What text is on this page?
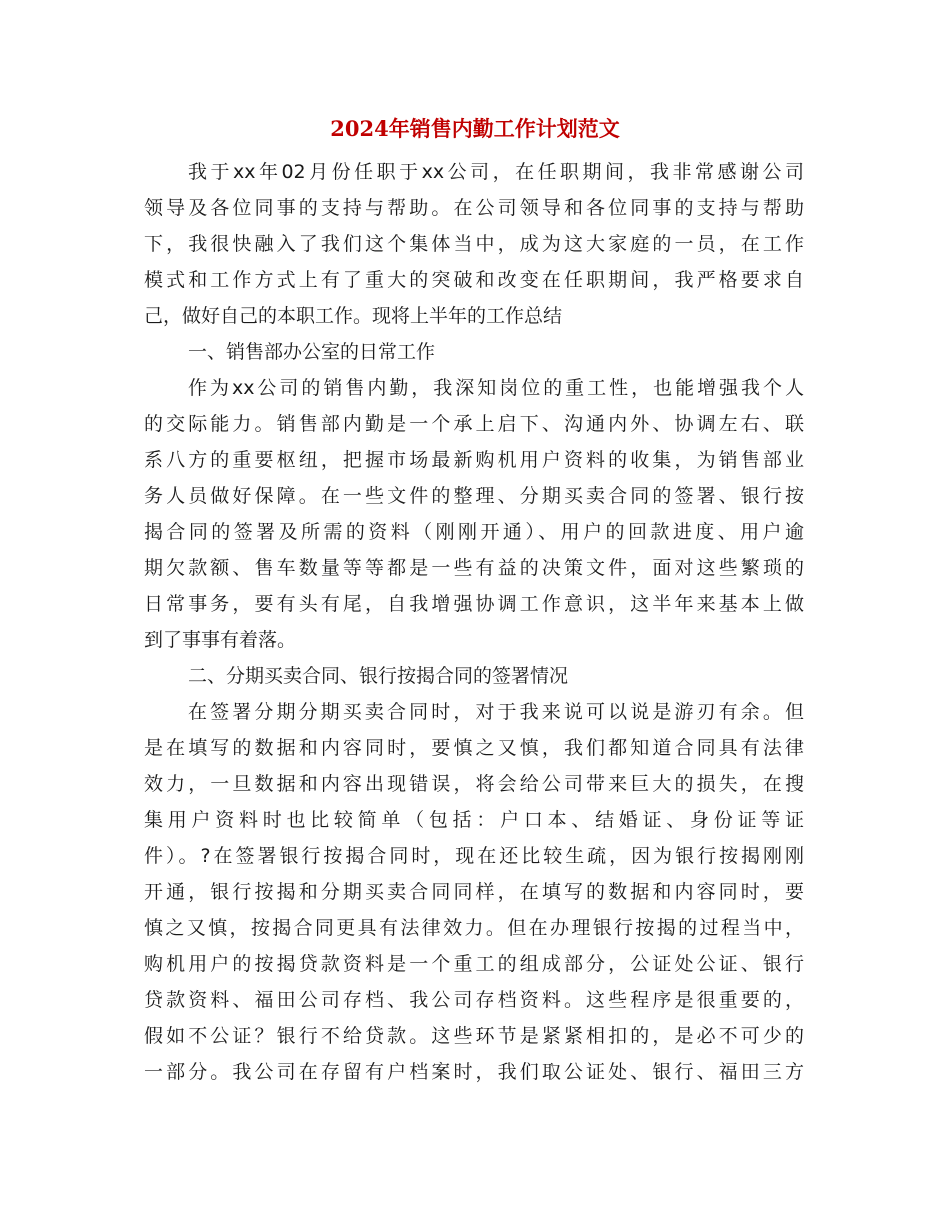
2024年销售内勤工作计划范文
我于xx年02月份任职于xx公司，在任职期间，我非常感谢公司
领导及各位同事的支持与帮助。在公司领导和各位同事的支持与帮助
下，我很快融入了我们这个集体当中，成为这大家庭的一员，在工作
模式和工作方式上有了重大的突破和改变在任职期间，我严格要求自
己，做好自己的本职工作。现将上半年的工作总结
一、销售部办公室的日常工作
作为xx公司的销售内勤，我深知岗位的重工性，也能增强我个人
的交际能力。销售部内勤是一个承上启下、沟通内外、协调左右、联
系八方的重要枢纽，把握市场最新购机用户资料的收集，为销售部业
务人员做好保障。在一些文件的整理、分期买卖合同的签署、银行按
揭合同的签署及所需的资料（刚刚开通）、用户的回款进度、用户逾
期欠款额、售车数量等等都是一些有益的决策文件，面对这些繁琐的
日常事务，要有头有尾，自我增强协调工作意识，这半年来基本上做
到了事事有着落。
二、分期买卖合同、银行按揭合同的签署情况
在签署分期分期买卖合同时，对于我来说可以说是游刃有余。但
是在填写的数据和内容同时，要慎之又慎，我们都知道合同具有法律
效力，一旦数据和内容出现错误，将会给公司带来巨大的损失，在搜
集用户资料时也比较简单（包括：户口本、结婚证、身份证等证
件）。?在签署银行按揭合同时，现在还比较生疏，因为银行按揭刚刚
开通，银行按揭和分期买卖合同同样，在填写的数据和内容同时，要
慎之又慎，按揭合同更具有法律效力。但在办理银行按揭的过程当中，
购机用户的按揭贷款资料是一个重工的组成部分，公证处公证、银行
贷款资料、福田公司存档、我公司存档资料。这些程序是很重要的，
假如不公证？银行不给贷款。这些环节是紧紧相扣的，是必不可少的
一部分。我公司在存留有户档案时，我们取公证处、银行、福田三方
